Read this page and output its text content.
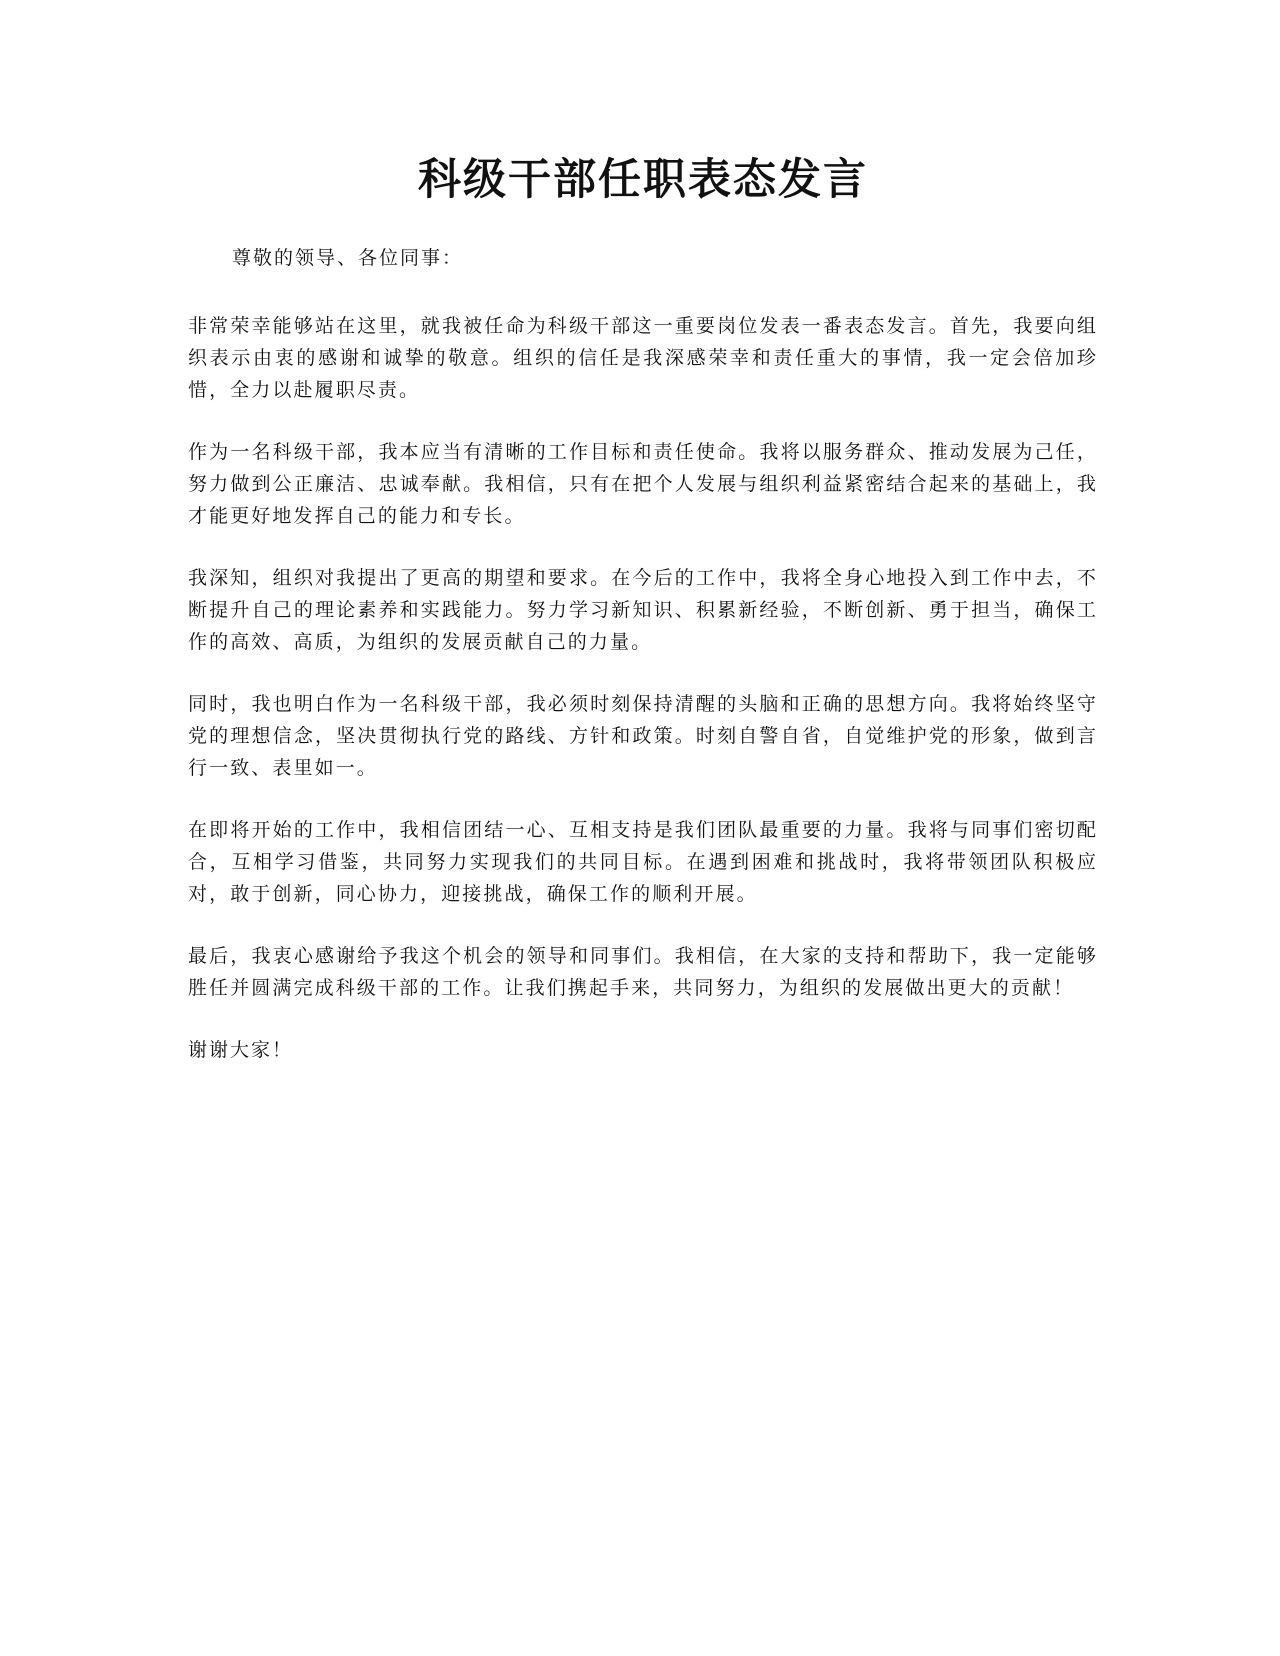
科级干部任职表态发言

尊敬的领导、各位同事：

非常荣幸能够站在这里，就我被任命为科级干部这一重要岗位发表一番表态发言。首先，我要向组织表示由衷的感谢和诚挚的敬意。组织的信任是我深感荣幸和责任重大的事情，我一定会倍加珍惜，全力以赴履职尽责。

作为一名科级干部，我本应当有清晰的工作目标和责任使命。我将以服务群众、推动发展为己任，努力做到公正廉洁、忠诚奉献。我相信，只有在把个人发展与组织利益紧密结合起来的基础上，我才能更好地发挥自己的能力和专长。

我深知，组织对我提出了更高的期望和要求。在今后的工作中，我将全身心地投入到工作中去，不断提升自己的理论素养和实践能力。努力学习新知识、积累新经验，不断创新、勇于担当，确保工作的高效、高质，为组织的发展贡献自己的力量。

同时，我也明白作为一名科级干部，我必须时刻保持清醒的头脑和正确的思想方向。我将始终坚守党的理想信念，坚决贯彻执行党的路线、方针和政策。时刻自警自省，自觉维护党的形象，做到言行一致、表里如一。

在即将开始的工作中，我相信团结一心、互相支持是我们团队最重要的力量。我将与同事们密切配合，互相学习借鉴，共同努力实现我们的共同目标。在遇到困难和挑战时，我将带领团队积极应对，敢于创新，同心协力，迎接挑战，确保工作的顺利开展。

最后，我衷心感谢给予我这个机会的领导和同事们。我相信，在大家的支持和帮助下，我一定能够胜任并圆满完成科级干部的工作。让我们携起手来，共同努力，为组织的发展做出更大的贡献！

谢谢大家！
